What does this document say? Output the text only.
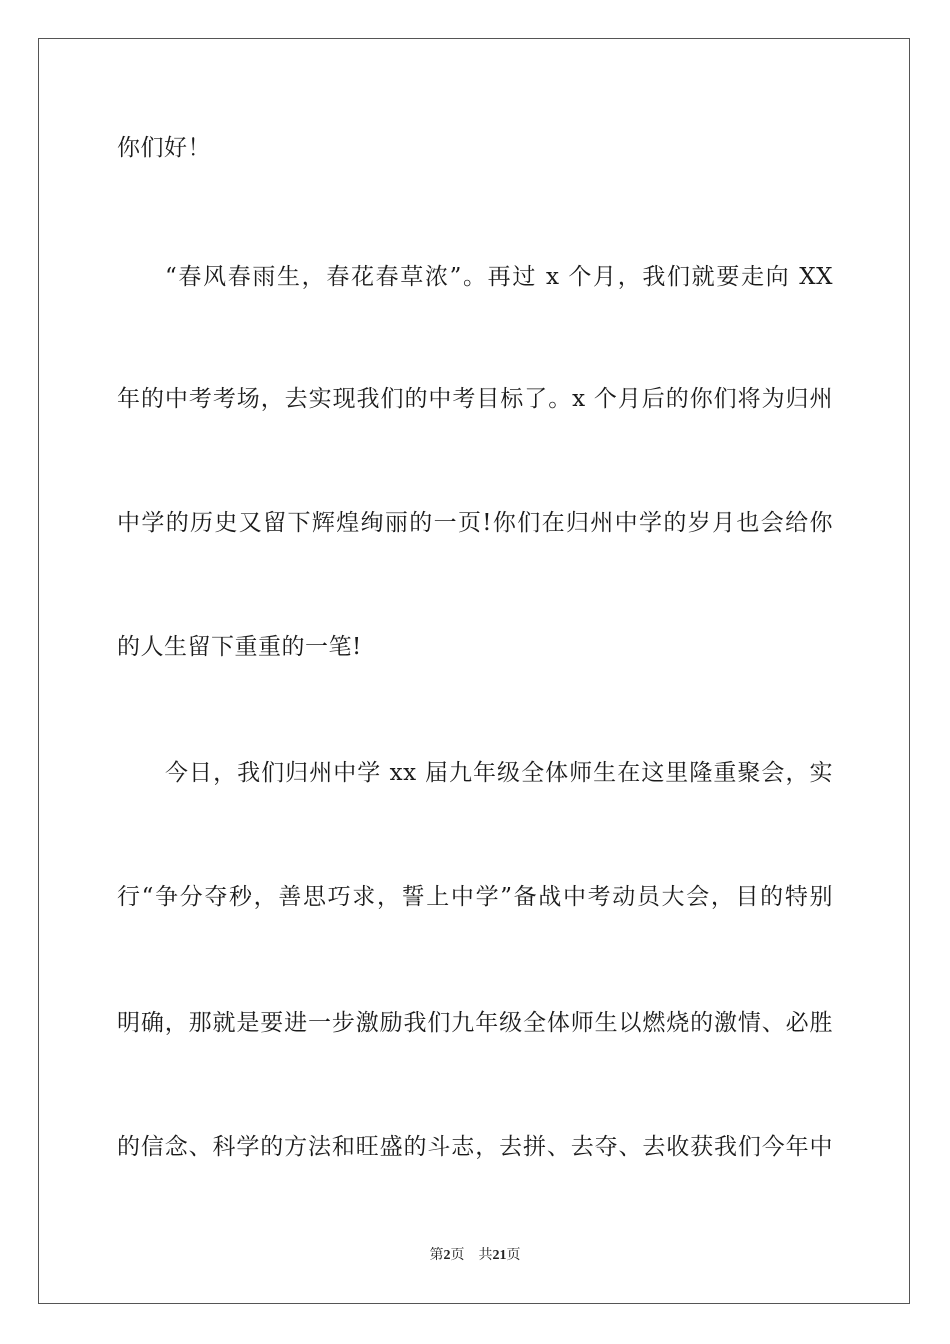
你们好！
“春风春雨生，春花春草浓”。再过 x 个月，我们就要走向 XX
年的中考考场，去实现我们的中考目标了。x 个月后的你们将为归州
中学的历史又留下辉煌绚丽的一页!你们在归州中学的岁月也会给你
的人生留下重重的一笔!
今日，我们归州中学 xx 届九年级全体师生在这里隆重聚会，实
行“争分夺秒，善思巧求，誓上中学”备战中考动员大会，目的特别
明确，那就是要进一步激励我们九年级全体师生以燃烧的激情、必胜
的信念、科学的方法和旺盛的斗志，去拼、去夺、去收获我们今年中
第2页 共21页
